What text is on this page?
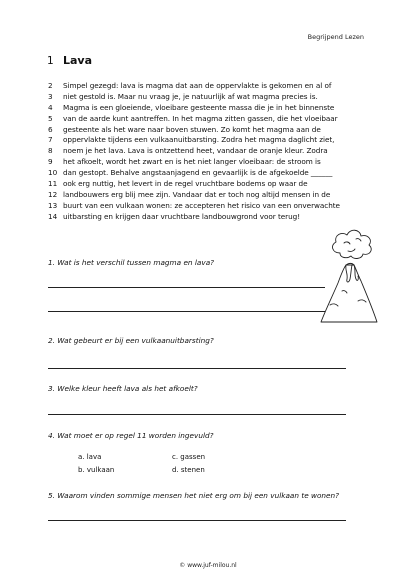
Begrijpend Lezen
1 Lava
2	Simpel gezegd: lava is magma dat aan de oppervlakte is gekomen en al of
3	niet gestold is. Maar nu vraag je, je natuurlijk af wat magma precies is.
4	Magma is een gloeiende, vloeibare gesteente massa die je in het binnenste
5	van de aarde kunt aantreffen. In het magma zitten gassen, die het vloeibaar
6	gesteente als het ware naar boven stuwen. Zo komt het magma aan de
7	oppervlakte tijdens een vulkaanuitbarsting. Zodra het magma daglicht ziet,
8	noem je het lava. Lava is ontzettend heet, vandaar de oranje kleur. Zodra
9	het afkoelt, wordt het zwart en is het niet langer vloeibaar: de stroom is
10 dan gestopt. Behalve angstaanjagend en gevaarlijk is de afgekoelde ______
11 ook erg nuttig, het levert in de regel vruchtbare bodems op waar de
12 landbouwers erg blij mee zijn. Vandaar dat er toch nog altijd mensen in de
13 buurt van een vulkaan wonen: ze accepteren het risico van een onverwachte
14 uitbarsting en krijgen daar vruchtbare landbouwgrond voor terug!
1. Wat is het verschil tussen magma en lava?
2. Wat gebeurt er bij een vulkaanuitbarsting?
3. Welke kleur heeft lava als het afkoelt?
4. Wat moet er op regel 11 worden ingevuld?
a. lava	c. gassen
b. vulkaan	d. stenen
5. Waarom vinden sommige mensen het niet erg om bij een vulkaan te wonen?
© www.juf-milou.nl
